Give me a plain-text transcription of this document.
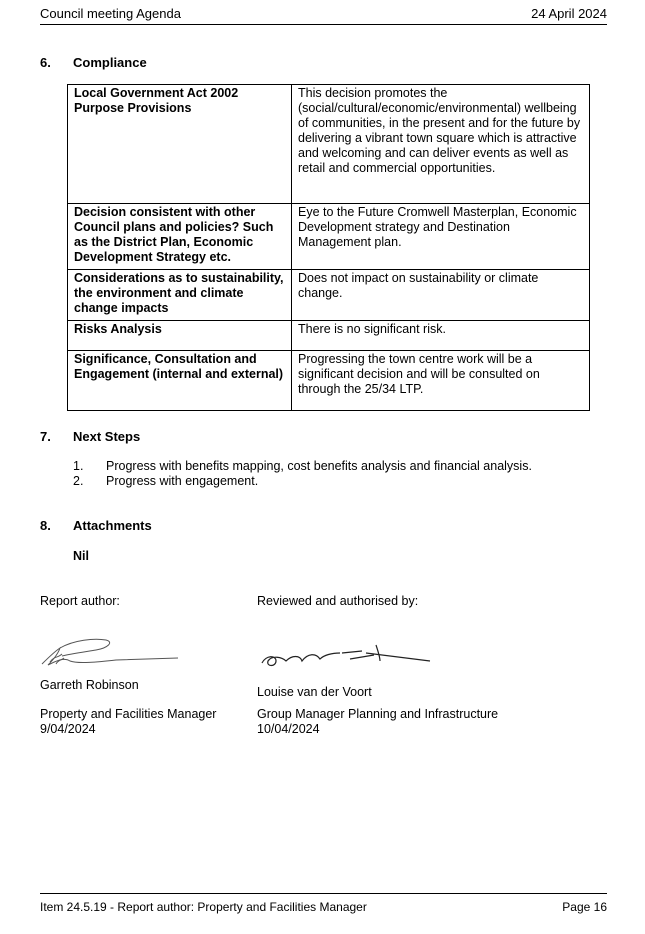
Council meeting Agenda	24 April 2024
6. Compliance
Local Government Act 2002 Purpose Provisions	This decision promotes the (social/cultural/economic/environmental) wellbeing of communities, in the present and for the future by delivering a vibrant town square which is attractive and welcoming and can deliver events as well as retail and commercial opportunities.
Decision consistent with other Council plans and policies? Such as the District Plan, Economic Development Strategy etc.	Eye to the Future Cromwell Masterplan, Economic Development strategy and Destination Management plan.
Considerations as to sustainability, the environment and climate change impacts	Does not impact on sustainability or climate change.
Risks Analysis	There is no significant risk.
Significance, Consultation and Engagement (internal and external)	Progressing the town centre work will be a significant decision and will be consulted on through the 25/34 LTP.
7. Next Steps
1.	Progress with benefits mapping, cost benefits analysis and financial analysis.
2.	Progress with engagement.
8. Attachments
Nil
Report author:	Reviewed and authorised by:
Garreth Robinson	Louise van der Voort
Property and Facilities Manager
9/04/2024
Group Manager Planning and Infrastructure
10/04/2024
Item 24.5.19 - Report author: Property and Facilities Manager	Page 16
